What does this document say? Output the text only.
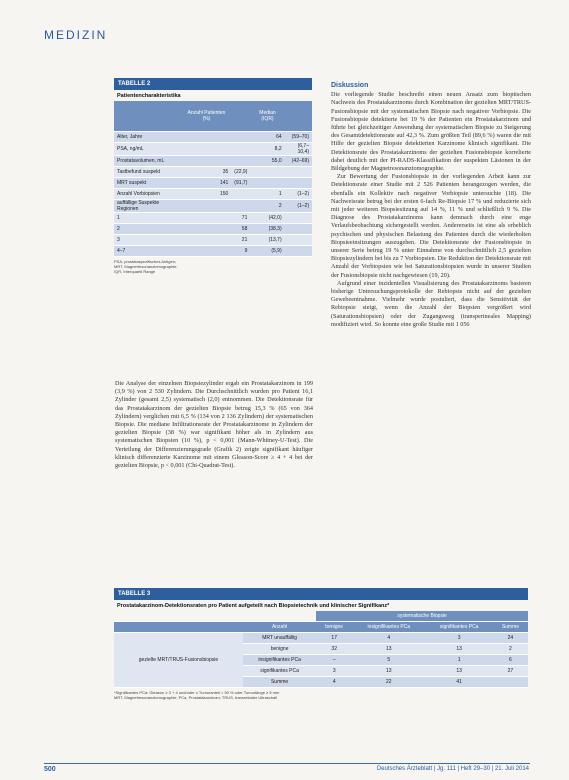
MEDIZIN
TABELLE 2
Patientencharakteristika
	Anzahl Patienten (%)		Median (IQR)	
Alter, Jahre			64	(59–70)
PSA, ng/mL			8,2	(6,7–10,4)
Prostatavolumen, mL			55,0	(42–69)
Tastbefund suspekt	35	(22,9)		
MRT suspekt	141	(91,7)		
Anzahl Vorbiopsien	150		1	(1–2)
auffällige Suspekte Regionen			2	(1–2)
1		71	(42,0)	
2		58	(38,3)	
3		21	(13,7)	
4–7		9	(5,9)	
PSA, prostataspezifisches Antigen;
MRT, Magnetresonanztomographie;
IQR, Interquartil Range

Die Analyse der einzelnen Biopsiezylinder ergab ein Prostatakarzinom in 199 (3,9 %) von 2 530 Zylindern. Die Durchschnittlich wurden pro Patient 16,1 Zylinder (gesamt 2,5) systematisch (2,0) entnommen. Die Detektionsrate für das Prostatakarzinom der gezielten Biopsie betrug 15,3 % (65 von 364 Zylindern) verglichen mit 6,5 % (134 von 2 136 Zylindern) der systematischen Biopsie. Die mediane Infiltrationsrate der Prostatakarzinome in Zylindern der gezielten Biopsie (38 %) war signifikant höher als in Zylindern aus systematischen Biopsien (10 %), p < 0,001 (Mann-Whitney-U-Test). Die Verteilung der Differenzierungsgrade (Grafik 2) zeigte signifikant häufiger klinisch differenzierte Karzinome mit einem Gleason-Score ≥ 4 + 4 bei der gezielten Biopsie, p < 0,001 (Chi-Quadrat-Test).

Diskussion

Die vorliegende Studie beschreibt einen neuen Ansatz zum bioptischen Nachweis des Prostatakarzinoms durch Kombination der gezielten MRT/TRUS-Fusionsbiopsie mit der systematischen Biopsie nach negativer Vorbiopsie. Die Fusionsbiopsie detektierte bei 19 % der Patienten ein Prostatakarzinom und führte bei gleichzeitiger Anwendung der systematischen Biopsie zu Steigerung des Gesamtdetektionsrate auf 42,3 %. Zum größten Teil (89,6 %) waren die mit Hilfe der gezielten Biopsie detektierten Karzinome klinisch signifikant. Die Detektionsrate des Prostatakarzinoms der gezielten Fusionsbiopsie korrelierte dabei deutlich mit der PI-RADS-Klassifikation der suspekten Läsionen in der Bildgebung der Magnetresonanztomographie.

Zur Bewertung der Fusionsbiopsie in der vorliegenden Arbeit kann zur Detektionsrate einer Studie mit 2 526 Patienten herangezogen werden, die ebenfalls ein Kollektiv nach negativer Vorbiopsie untersuchte (18). Die Nachweisrate betrug bei der ersten 6-fach Re-Biopsie 17 % und reduzierte sich mit jeder weiteren Biopsiesitzung auf 14 %, 11 % und schließlich 9 %. Die Diagnose des Prostatakarzinoms kann demnach durch eine enge Verlaufsbeobachtung sichergestellt werden. Andererseits ist eine als erheblich psychischen und physischen Belastung des Patienten durch die wiederholten Biopsieeinsitzungen auszugehen. Die Detektionsrate der Fusionsbiopsie in unserer Serie betrug 19 % unter Einnahme von durchschnittlich 2,5 gezielten Biopsiezylindern bei bis zu 7 Vorbiopsien. Die Reduktion der Detektionsrate mit Anzahl der Vorbiopsien wie bei Saturationsbiopsien wurde in unserer Studien der Fusionsbiopsie nicht nachgewiesen (19, 20).

Aufgrund einer inzidentellen Visualisierung des Prostatakarzinoms basieren bisherige Untersuchungsprotokolle der Rebiopsie nicht auf der gezielten Gewebeentnahme. Vielmehr wurde postuliert, dass die Sensitivität der Rebiopsie steigt, wenn die Anzahl der Biopsien vergrößert wird (Saturationsbiopsien) oder der Zugangsweg (transperineales Mapping) modifiziert wird. So konnte eine große Studie mit 1 056

TABELLE 3
Prostatakarzinom-Detektionsraten pro Patient aufgeteilt nach Biopsietechnik und klinischer Signifikanz*
		systematische Biopsie			
	Anzahl	benigne	insignifikantes PCa	signifikantes PCa	Summe
gezielte MRT/TRUS-Fusionsbiopsie	MRT unauffällig	17	4	3	24
	benigne	32	13	13	2
	insignifikantes PCa	–	5	1	6
	signifikantes PCa	3	13	13	27
	Summe	4	22	41	
*Signifikantes PCa: Gleason ≥ 3 + 4 und/oder ≥ Tumoranteil > 50 % oder Tumorlänge ≥ 5 mm
MRT, Magnetresonanztomographie; PCa, Prostatakarzinom; TRUS, transrektaler Ultraschall
500	Deutsches Ärzteblatt | Jg. 111 | Heft 29–30 | 21. Juli 2014
